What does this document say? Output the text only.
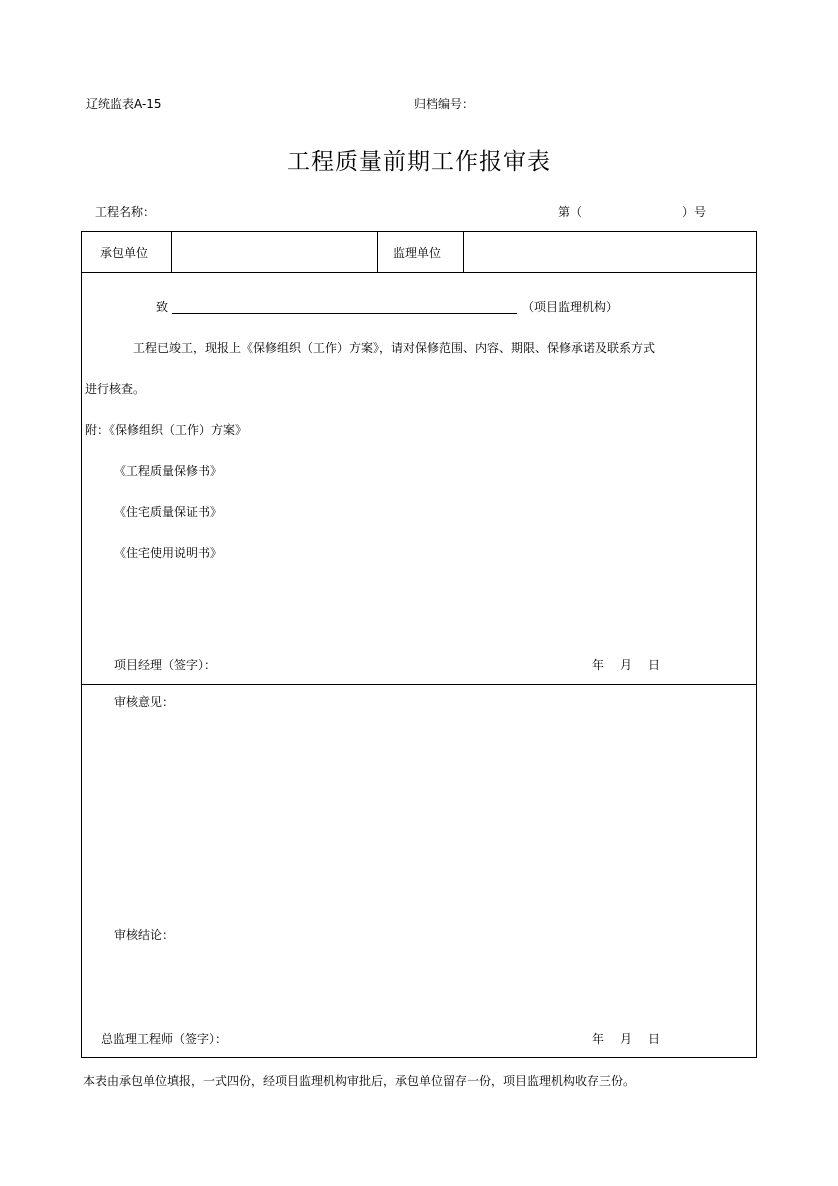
辽统监表A-15	归档编号：
工程质量前期工作报审表
工程名称：	第（	）号
承包单位	监理单位
致	（项目监理机构）
工程已竣工，现报上《保修组织（工作）方案》，请对保修范围、内容、期限、保修承诺及联系方式
进行核查。
附：《保修组织（工作）方案》
《工程质量保修书》
《住宅质量保证书》
《住宅使用说明书》
项目经理（签字）：	年 月 日
审核意见：
审核结论：
总监理工程师（签字）：	年 月 日
本表由承包单位填报，一式四份，经项目监理机构审批后，承包单位留存一份，项目监理机构收存三份。
